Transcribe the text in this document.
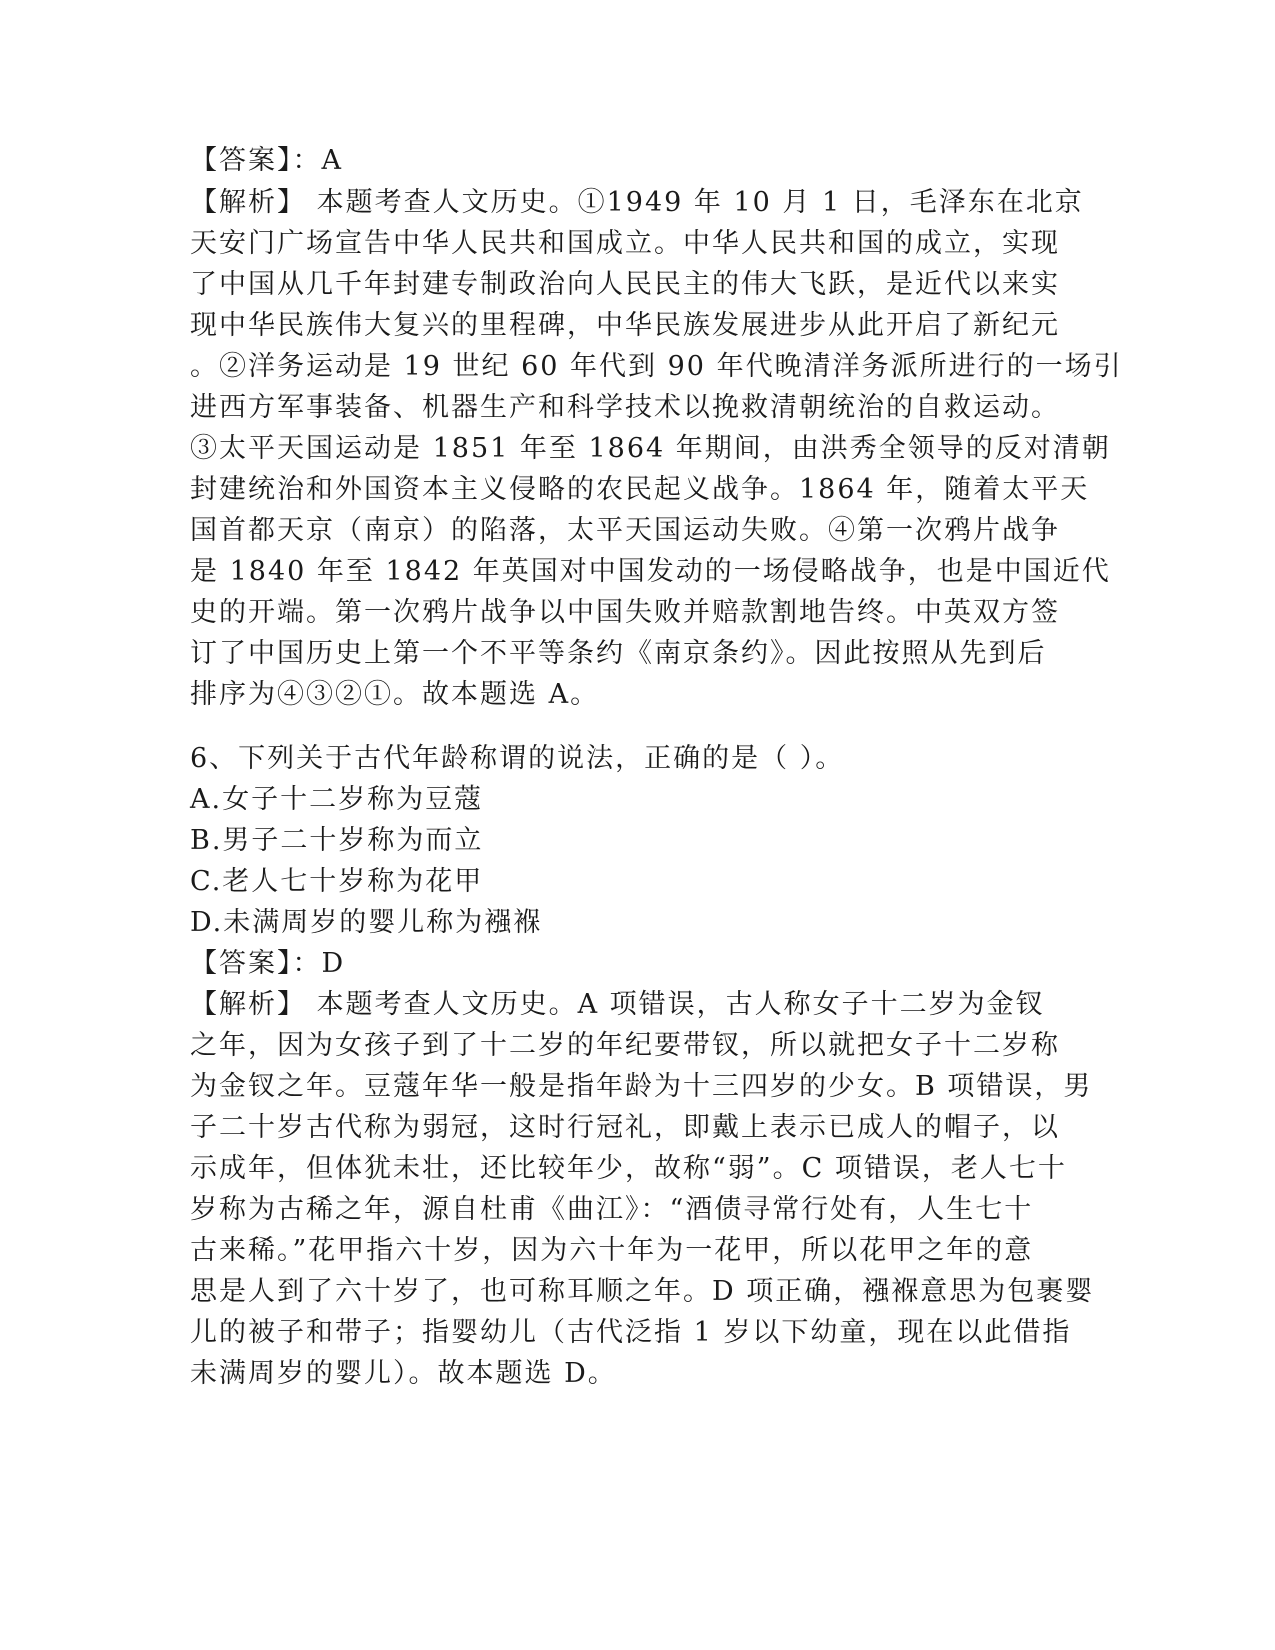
【答案】：A
【解析】 本题考查人文历史。①1949 年 10 月 1 日，毛泽东在北京
天安门广场宣告中华人民共和国成立。中华人民共和国的成立，实现
了中国从几千年封建专制政治向人民民主的伟大飞跃，是近代以来实
现中华民族伟大复兴的里程碑，中华民族发展进步从此开启了新纪元
。②洋务运动是 19 世纪 60 年代到 90 年代晚清洋务派所进行的一场引
进西方军事装备、机器生产和科学技术以挽救清朝统治的自救运动。
③太平天国运动是 1851 年至 1864 年期间，由洪秀全领导的反对清朝
封建统治和外国资本主义侵略的农民起义战争。1864 年，随着太平天
国首都天京（南京）的陷落，太平天国运动失败。④第一次鸦片战争
是 1840 年至 1842 年英国对中国发动的一场侵略战争，也是中国近代
史的开端。第一次鸦片战争以中国失败并赔款割地告终。中英双方签
订了中国历史上第一个不平等条约《南京条约》。因此按照从先到后
排序为④③②①。故本题选 A。
6、下列关于古代年龄称谓的说法，正确的是（ ）。
A.女子十二岁称为豆蔻
B.男子二十岁称为而立
C.老人七十岁称为花甲
D.未满周岁的婴儿称为襁褓
【答案】：D
【解析】 本题考查人文历史。A 项错误，古人称女子十二岁为金钗
之年，因为女孩子到了十二岁的年纪要带钗，所以就把女子十二岁称
为金钗之年。豆蔻年华一般是指年龄为十三四岁的少女。B 项错误，男
子二十岁古代称为弱冠，这时行冠礼，即戴上表示已成人的帽子，以
示成年，但体犹未壮，还比较年少，故称“弱”。C 项错误，老人七十
岁称为古稀之年，源自杜甫《曲江》：“酒债寻常行处有，人生七十
古来稀。”花甲指六十岁，因为六十年为一花甲，所以花甲之年的意
思是人到了六十岁了，也可称耳顺之年。D 项正确，襁褓意思为包裹婴
儿的被子和带子；指婴幼儿（古代泛指 1 岁以下幼童，现在以此借指
未满周岁的婴儿）。故本题选 D。
